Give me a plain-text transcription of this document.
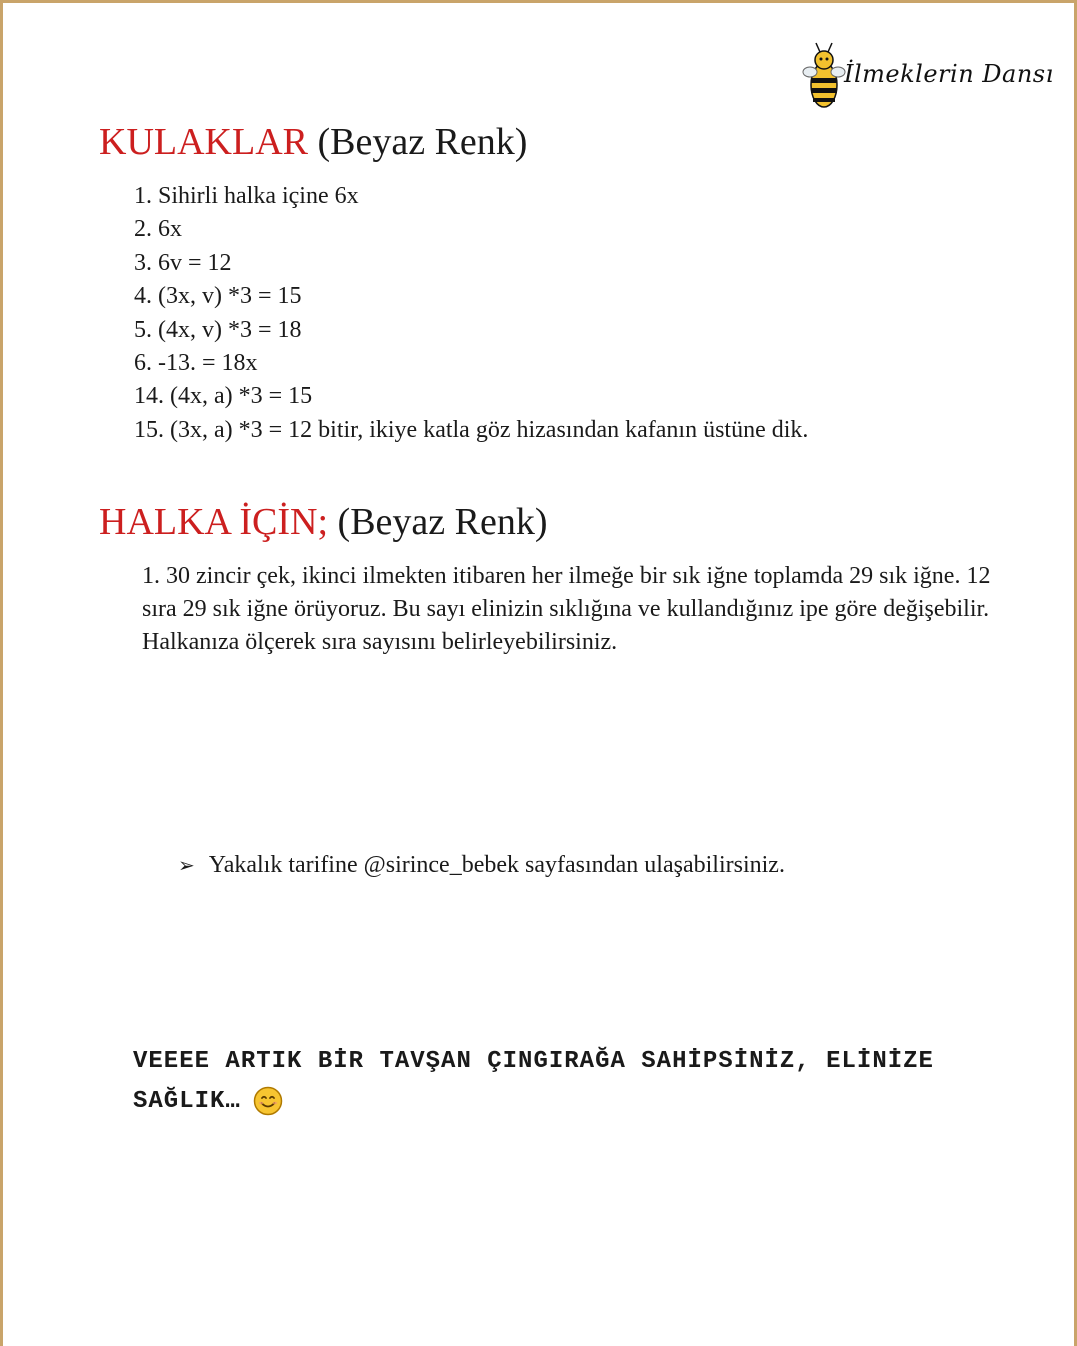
İlmeklerin Dansı
KULAKLAR (Beyaz Renk)
1. Sihirli halka içine 6x
2. 6x
3. 6v = 12
4. (3x, v) *3 = 15
5. (4x, v) *3 = 18
6. -13. = 18x
14. (4x, a) *3 = 15
15. (3x, a) *3 = 12 bitir, ikiye katla göz hizasından kafanın üstüne dik.
HALKA İÇİN; (Beyaz Renk)
1. 30 zincir çek, ikinci ilmekten itibaren her ilmeğe bir sık iğne toplamda 29 sık iğne. 12 sıra 29 sık iğne örüyoruz. Bu sayı elinizin sıklığına ve kullandığınız ipe göre değişebilir. Halkanıza ölçerek sıra sayısını belirleyebilirsiniz.
➢ Yakalık tarifine @sirince_bebek sayfasından ulaşabilirsiniz.
VEEEE ARTIK BİR TAVŞAN ÇINGIRAĞA SAHİPSİNİZ, ELİNİZE SAĞLIK…
